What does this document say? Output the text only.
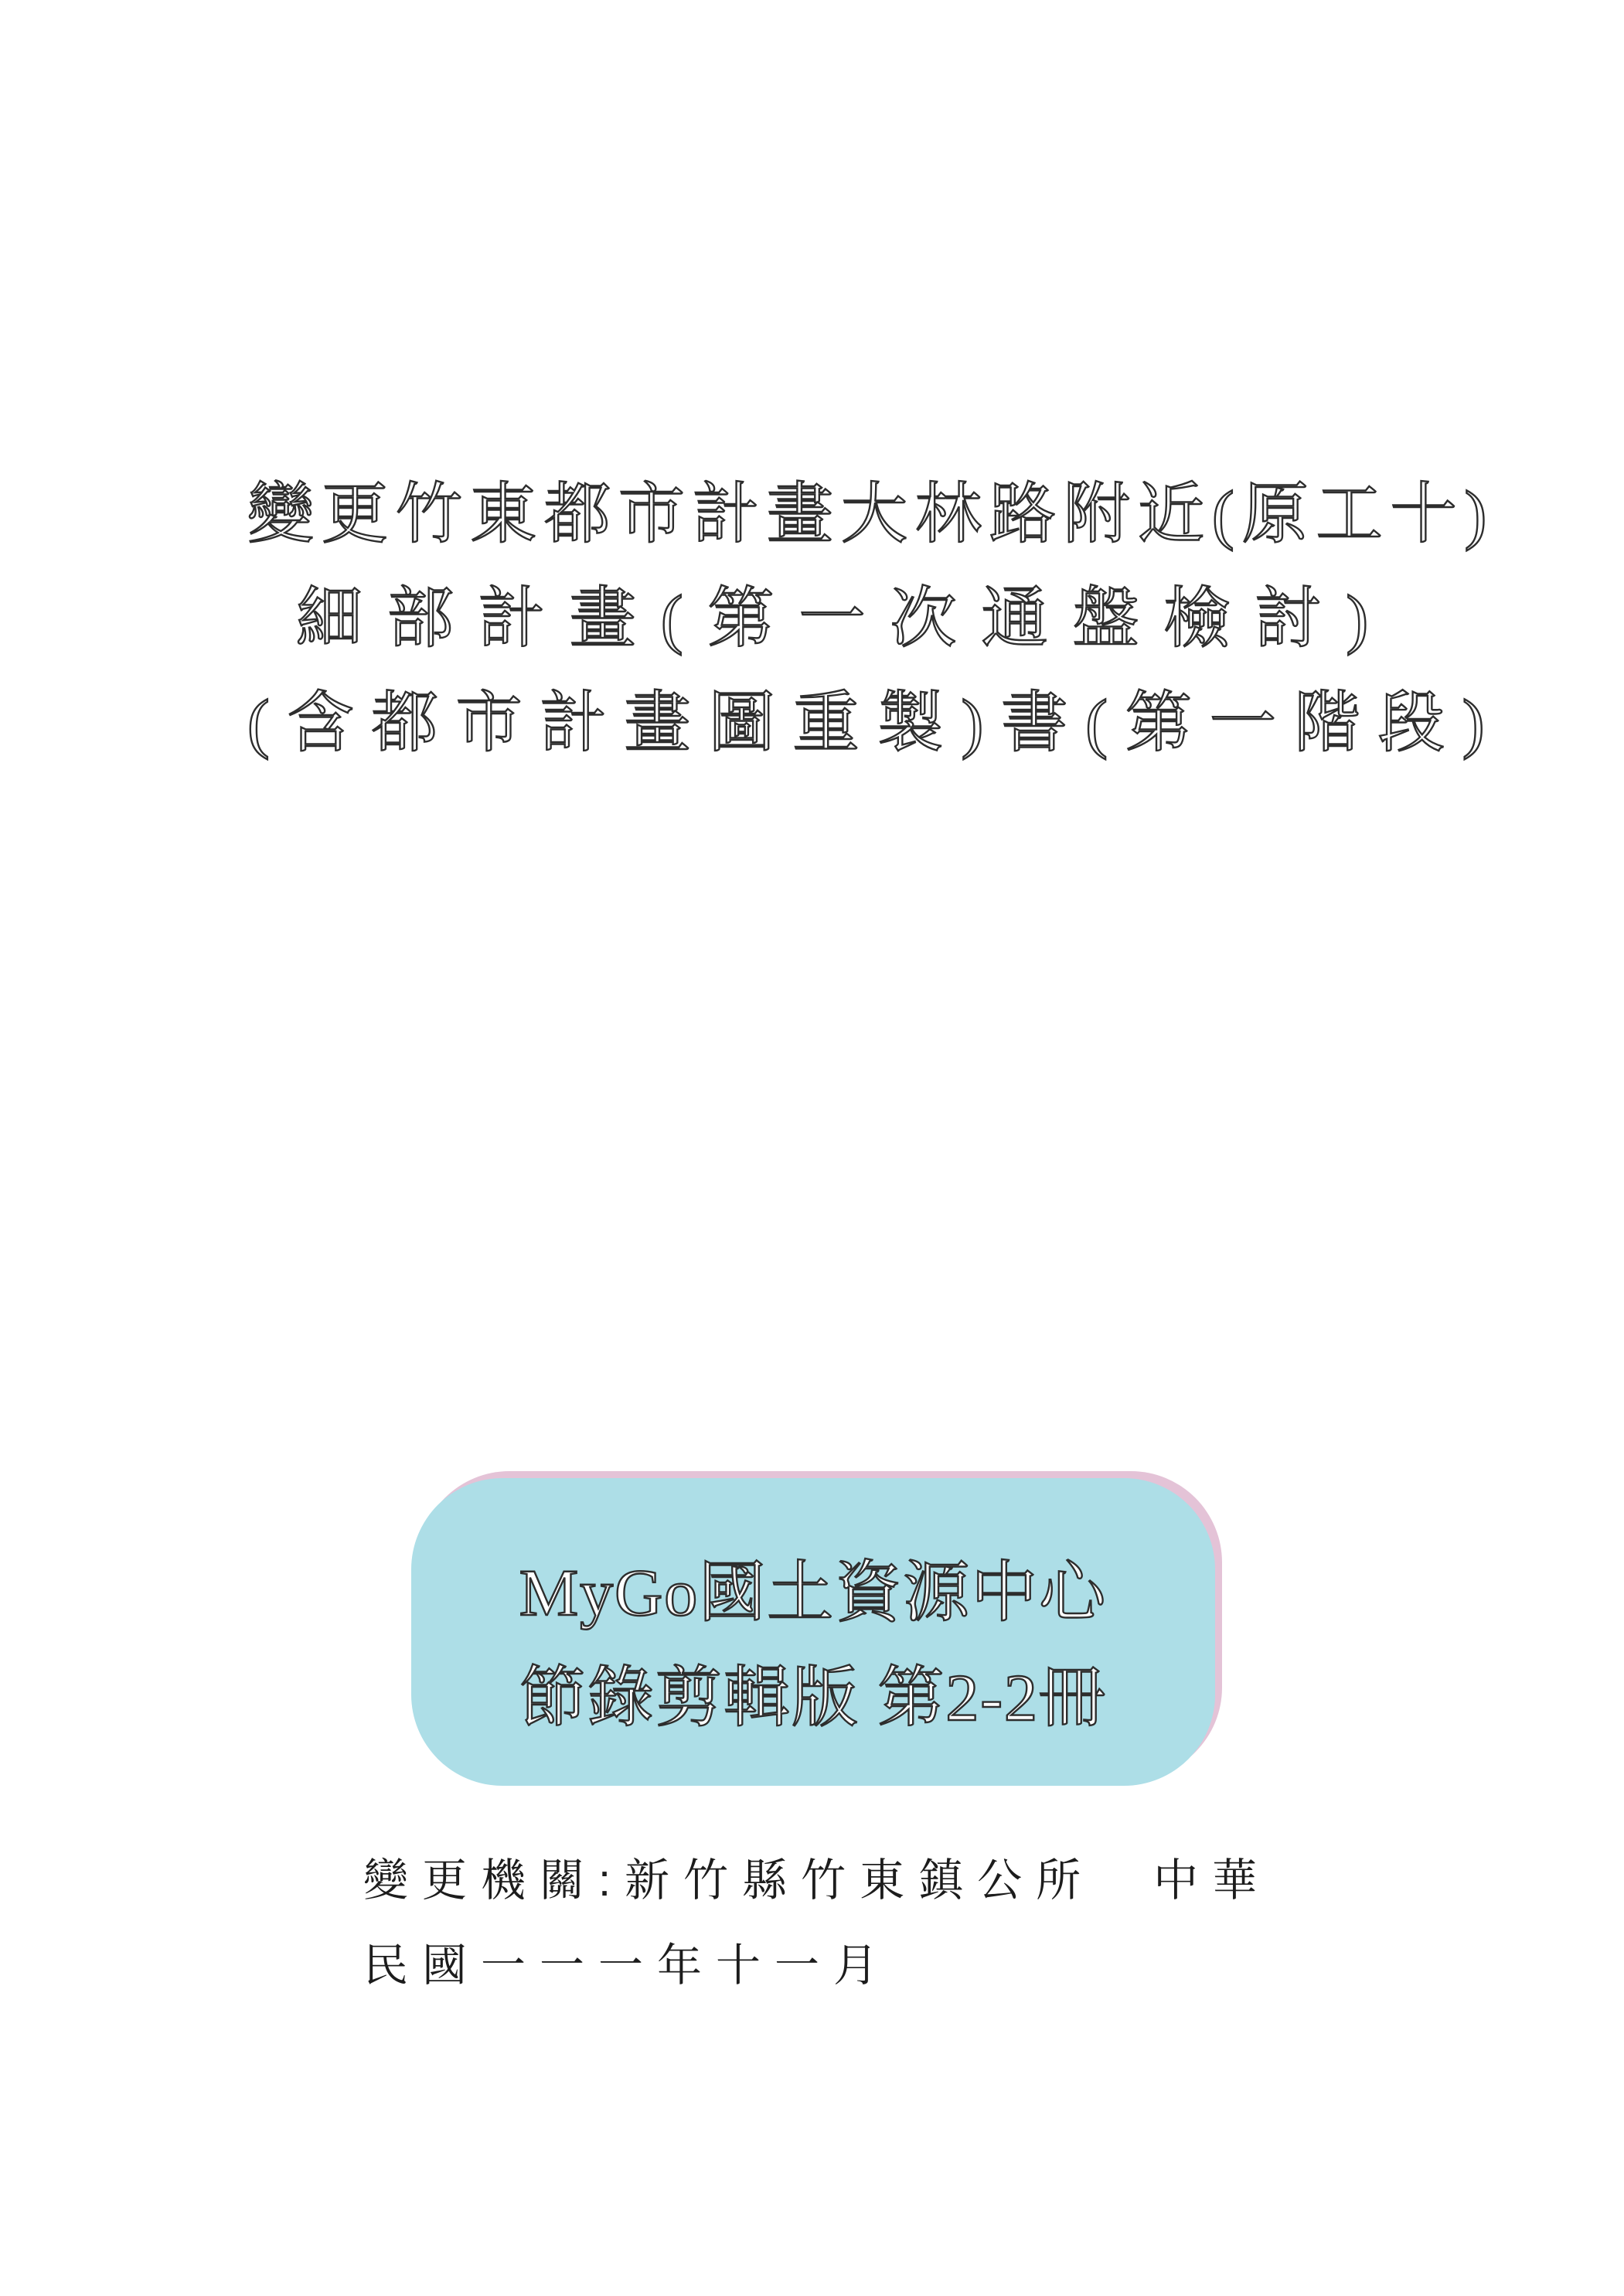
變更竹東都市計畫大林路附近(原工十)
細部計畫(第一次通盤檢討)
(含都市計畫圖重製)書(第一階段)
MyGo國土資源中心
節錄剪輯版 第2-2冊
變更機關:新竹縣竹東鎮公所　中華
民國一一一年十一月
